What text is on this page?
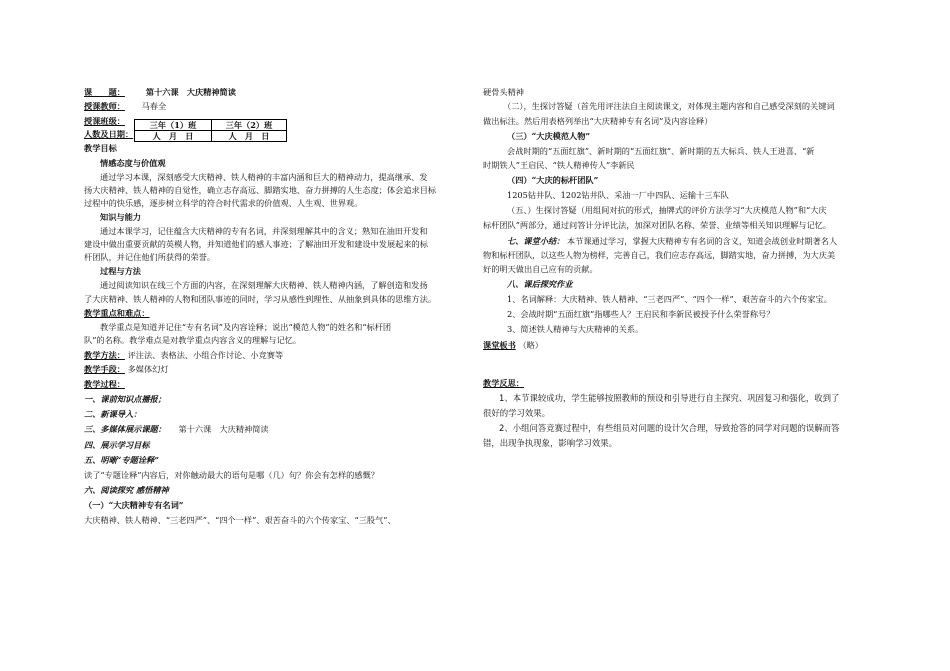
课　　题：	第十六课　大庆精神简读
授课教师： 马春全
授课班级：
人数及日期：
三年（1）班	三年（2）班
人　月　日	人　月　日
教学目标
情感态度与价值观
通过学习本课，深刻感受大庆精神、铁人精神的丰富内涵和巨大的精神动力，提高继承、发
扬大庆精神、铁人精神的自觉性，确立志存高远、脚踏实地、奋力拼搏的人生态度；体会追求目标
过程中的快乐感，逐步树立科学的符合时代需求的价值观、人生观、世界观。
知识与能力
通过本课学习，记住蕴含大庆精神的专有名词，并深刻理解其中的含义；熟知在油田开发和
建设中做出重要贡献的英模人物，并知道他们的感人事迹；了解油田开发和建设中发展起来的标
杆团队，并记住他们所获得的荣誉。
过程与方法
通过阅读知识在线三个方面的内容，在深刻理解大庆精神、铁人精神内涵，了解创造和发扬
了大庆精神、铁人精神的人物和团队事迹的同时，学习从感性到理性、从抽象到具体的思维方法。
教学重点和难点：
教学重点是知道并记住“专有名词”及内容诠释；说出“模范人物”的姓名和“标杆团
队”的名称。教学难点是对教学重点内容含义的理解与记忆。
教学方法： 评注法、表格法、小组合作讨论、小竞赛等
教学手段： 多媒体幻灯
教学过程：
一、课前知识点播报；
二、新课导入：
三、多媒体展示课题： 第十六课　大庆精神简读
四、展示学习目标
五、明晰“专题诠释”
读了“专题诠释”内容后，对你触动最大的语句是哪（几）句？你会有怎样的感慨？
六、阅读探究 感悟精神
（一）“大庆精神专有名词”
大庆精神、铁人精神、“三老四严”、“四个一样”、艰苦奋斗的六个传家宝、“三股气”、
硬骨头精神
（二），生探讨答疑（首先用评注法自主阅读课文，对体现主题内容和自己感受深刻的关键词
做出标注。然后用表格列举出“大庆精神专有名词”及内容诠释）
（三）“大庆模范人物”
会战时期的“五面红旗”、新时期的“五面红旗”、新时期的五大标兵、铁人王进喜、“新
时期铁人”王启民、“铁人精神传人”李新民
（四）“大庆的标杆团队”
1205钻井队、1202钻井队、采油一厂中四队、运输十三车队
（五、）生探讨答疑（用组间对抗的形式，抽牌式的评价方法学习“大庆模范人物”和“大庆
标杆团队”两部分，通过问答计分评比法，加深对团队名称、荣誉、业绩等相关知识理解与记忆。
七、课堂小结： 本节课通过学习，掌握大庆精神专有名词的含义，知道会战创业时期著名人
物和标杆团队，以这些人物为榜样，完善自己，我们应志存高远，脚踏实地，奋力拼搏，为大庆美
好的明天做出自己应有的贡献。
八、课后探究作业
1、名词解释：大庆精神、铁人精神、“三老四严”、“四个一样”、艰苦奋斗的六个传家宝。
2、会战时期“五面红旗”指哪些人？王启民和李新民被授予什么荣誉称号？
3、简述铁人精神与大庆精神的关系。
课堂板书 （略）
教学反思：
1、本节课较成功，学生能够按照教师的预设和引导进行自主探究、巩固复习和强化，收到了
很好的学习效果。
2、小组问答竞赛过程中，有些组员对问题的设计欠合理，导致抢答的同学对问题的误解而答
错，出现争执现象，影响学习效果。
